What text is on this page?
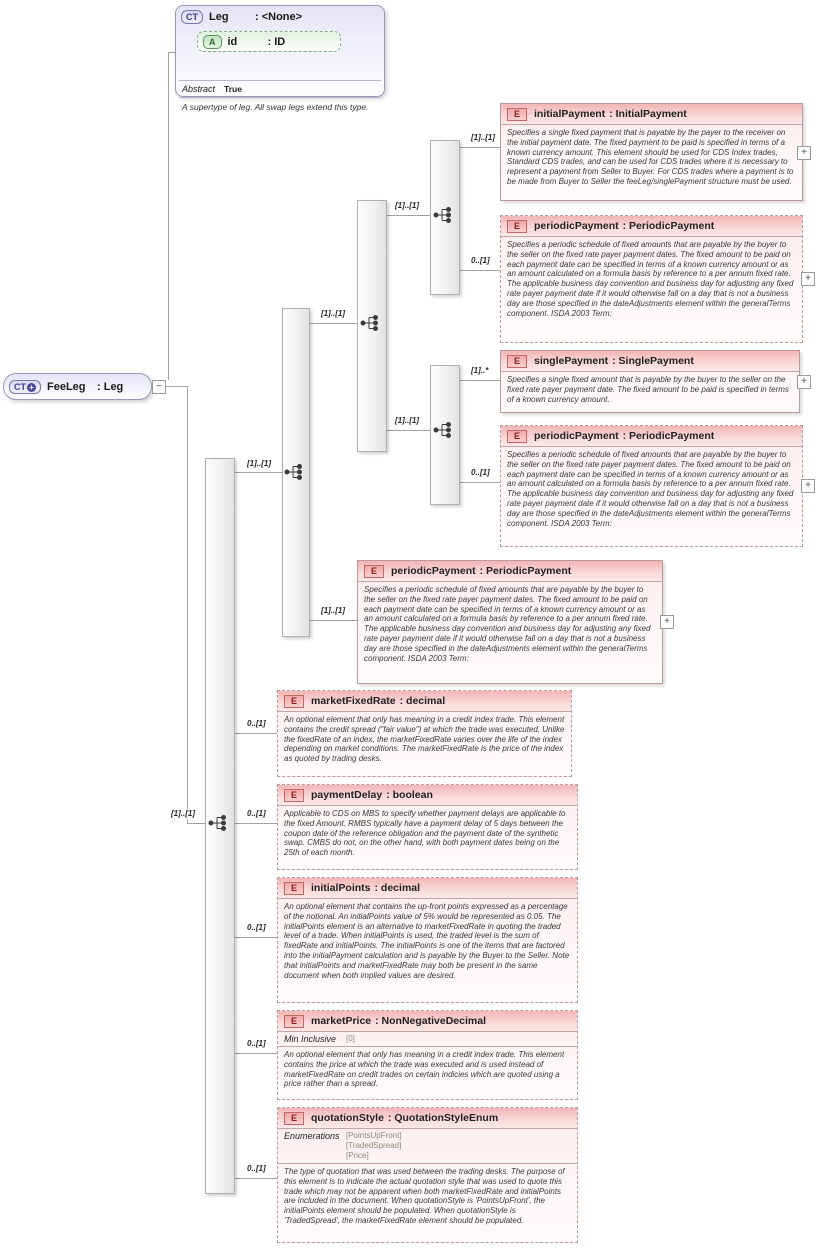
[1]..[1]
[1]..[1]
0..[1]
0..[1]
0..[1]
0..[1]
0..[1]
[1]..[1]
[1]..[1]
[1]..[1]
[1]..[1]
[1]..[1]
0..[1]
[1]..*
0..[1]
CT	Leg	: <None>
A	id	: ID
Abstract	True
A supertype of leg. All swap legs extend this type.
CT + FeeLeg	: Leg	−
E	initialPayment : InitialPayment
Specifies a single fixed payment that is payable by the payer to the receiver on the initial payment date. The fixed payment to be paid is specified in terms of a known currency amount. This element should be used for CDS Index trades, Standard CDS trades, and can be used for CDS trades where it is necessary to represent a payment from Seller to Buyer. For CDS trades where a payment is to be made from Buyer to Seller the feeLeg/singlePayment structure must be used.
+
E	periodicPayment : PeriodicPayment
Specifies a periodic schedule of fixed amounts that are payable by the buyer to the seller on the fixed rate payer payment dates. The fixed amount to be paid on each payment date can be specified in terms of a known currency amount or as an amount calculated on a formula basis by reference to a per annum fixed rate. The applicable business day convention and business day for adjusting any fixed rate payer payment date if it would otherwise fall on a day that is not a business day are those specified in the dateAdjustments element within the generalTerms component. ISDA 2003 Term:
+
E	singlePayment : SinglePayment
Specifies a single fixed amount that is payable by the buyer to the seller on the fixed rate payer payment date. The fixed amount to be paid is specified in terms of a known currency amount.
+
E	periodicPayment : PeriodicPayment
Specifies a periodic schedule of fixed amounts that are payable by the buyer to the seller on the fixed rate payer payment dates. The fixed amount to be paid on each payment date can be specified in terms of a known currency amount or as an amount calculated on a formula basis by reference to a per annum fixed rate. The applicable business day convention and business day for adjusting any fixed rate payer payment date if it would otherwise fall on a day that is not a business day are those specified in the dateAdjustments element within the generalTerms component. ISDA 2003 Term:
+
E	periodicPayment : PeriodicPayment
Specifies a periodic schedule of fixed amounts that are payable by the buyer to the seller on the fixed rate payer payment dates. The fixed amount to be paid on each payment date can be specified in terms of a known currency amount or as an amount calculated on a formula basis by reference to a per annum fixed rate. The applicable business day convention and business day for adjusting any fixed rate payer payment date if it would otherwise fall on a day that is not a business day are those specified in the dateAdjustments element within the generalTerms component. ISDA 2003 Term:
+
E	marketFixedRate : decimal
An optional element that only has meaning in a credit index trade. This element contains the credit spread ("fair value") at which the trade was executed. Unlike the fixedRate of an index, the marketFixedRate varies over the life of the index depending on market conditions. The marketFixedRate is the price of the index as quoted by trading desks.
E	paymentDelay : boolean
Applicable to CDS on MBS to specify whether payment delays are applicable to the fixed Amount. RMBS typically have a payment delay of 5 days between the coupon date of the reference obligation and the payment date of the synthetic swap. CMBS do not, on the other hand, with both payment dates being on the 25th of each month.
E	initialPoints : decimal
An optional element that contains the up-front points expressed as a percentage of the notional. An initialPoints value of 5% would be represented as 0.05. The initialPoints element is an alternative to marketFixedRate in quoting the traded level of a trade. When initialPoints is used, the traded level is the sum of fixedRate and initialPoints. The initialPoints is one of the items that are factored into the initialPayment calculation and is payable by the Buyer to the Seller. Note that initialPoints and marketFixedRate may both be present in the same document when both implied values are desired.
E	marketPrice : NonNegativeDecimal
Min Inclusive	[0]
An optional element that only has meaning in a credit index trade. This element contains the price at which the trade was executed and is used instead of marketFixedRate on credit trades on certain indicies which are quoted using a price rather than a spread.
E	quotationStyle : QuotationStyleEnum
Enumerations [PointsUpFront]
[TradedSpread]
[Price]
The type of quotation that was used between the trading desks. The purpose of this element is to indicate the actual quotation style that was used to quote this trade which may not be apparent when both marketFixedRate and initialPoints are included in the document. When quotationStyle is 'PointsUpFront', the initialPoints element should be populated. When quotationStyle is 'TradedSpread', the marketFixedRate element should be populated.
